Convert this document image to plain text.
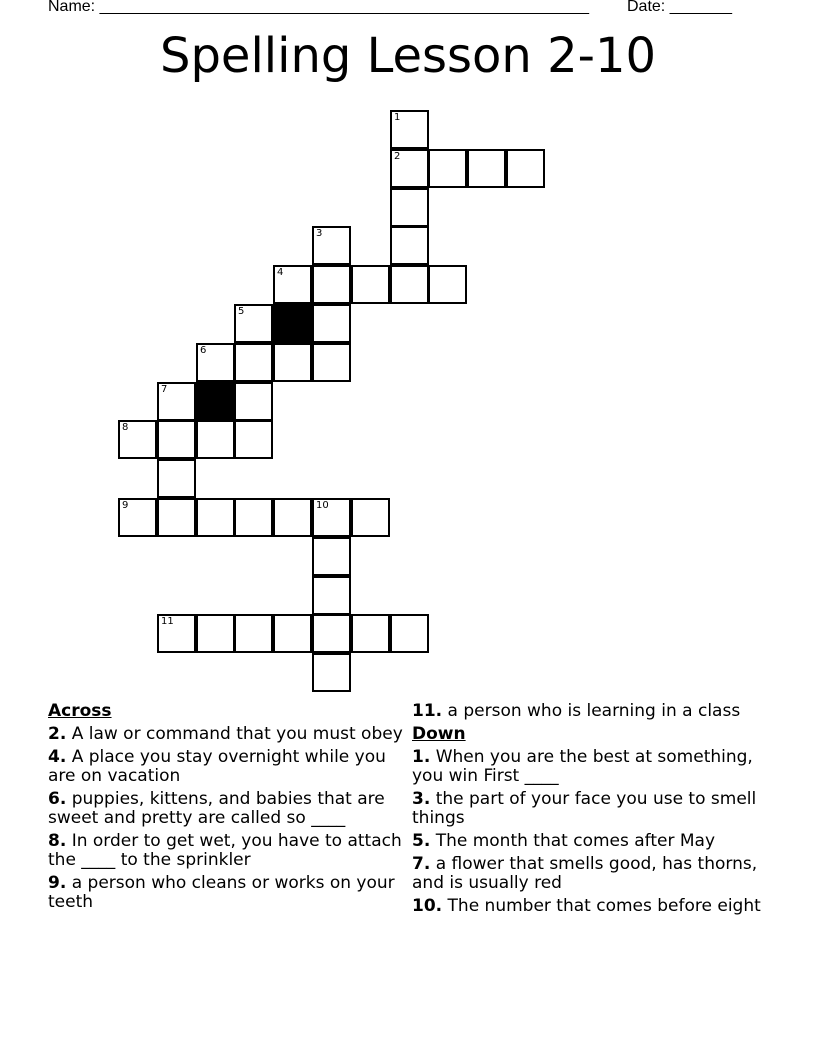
Name: _______________________________________________________ Date: _______
Spelling Lesson 2-10
1
2
3
4
5
6
7
8
9	10
11
Across
2. A law or command that you must obey
4. A place you stay overnight while you are on vacation
6. puppies, kittens, and babies that are sweet and pretty are called so ____
8. In order to get wet, you have to attach the ____ to the sprinkler
9. a person who cleans or works on your teeth
11. a person who is learning in a class
Down
1. When you are the best at something, you win First ____
3. the part of your face you use to smell things
5. The month that comes after May
7. a flower that smells good, has thorns, and is usually red
10. The number that comes before eight
